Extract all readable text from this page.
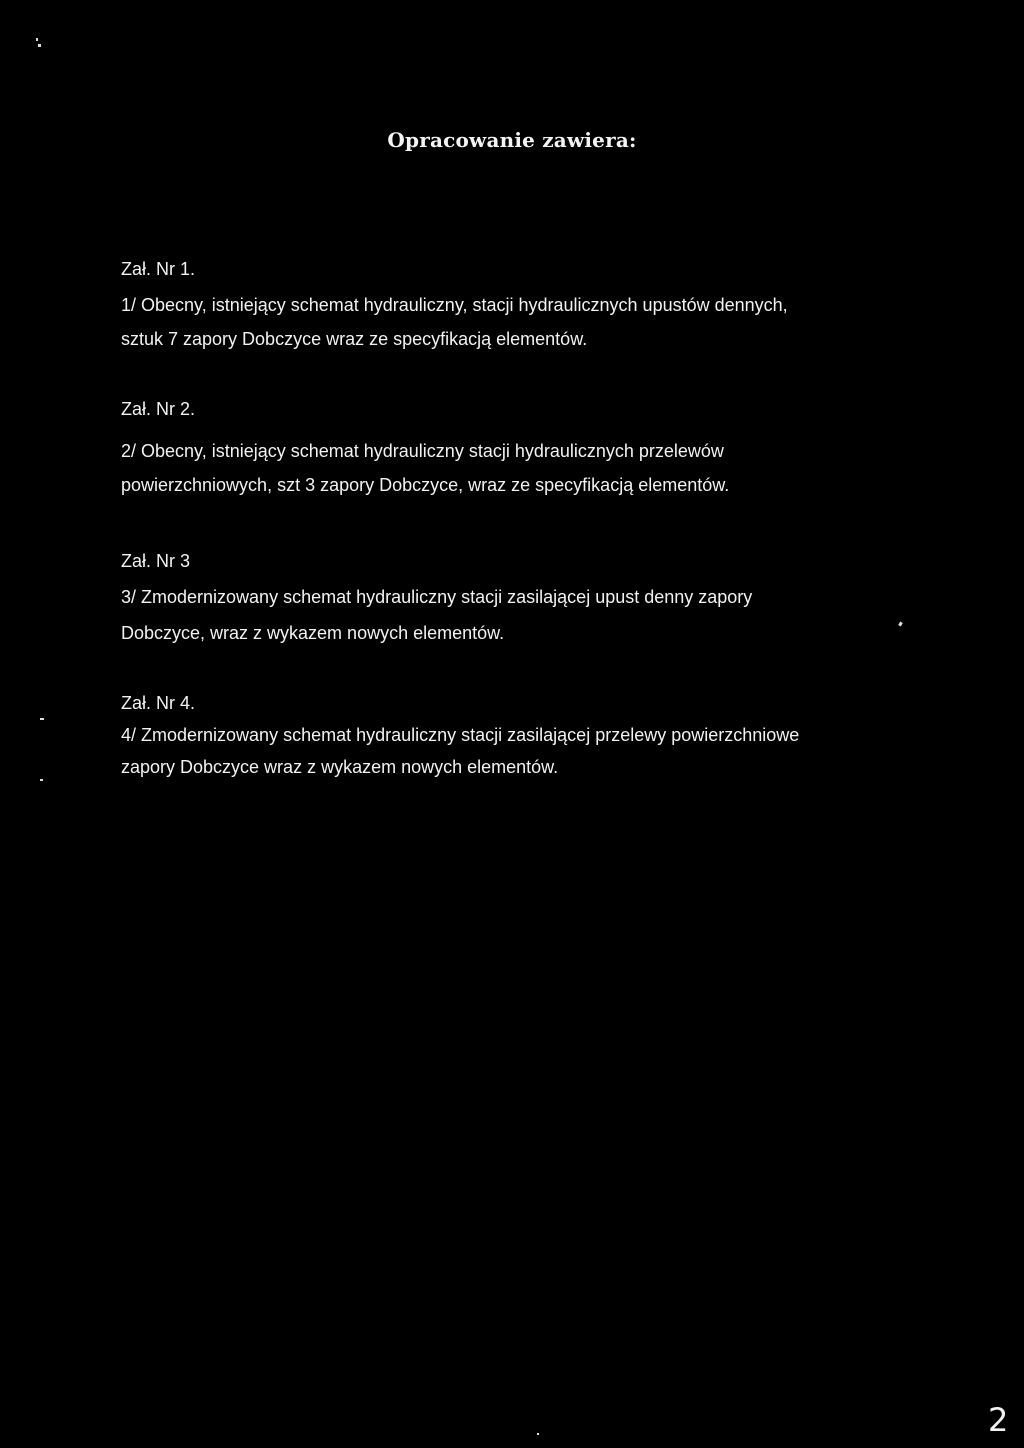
Opracowanie zawiera:
Zał. Nr 1.
1/ Obecny, istniejący schemat hydrauliczny, stacji hydraulicznych upustów dennych,
sztuk 7 zapory Dobczyce wraz ze specyfikacją elementów.
Zał. Nr 2.
2/ Obecny, istniejący schemat hydrauliczny stacji hydraulicznych przelewów
powierzchniowych, szt 3 zapory Dobczyce, wraz ze specyfikacją elementów.
Zał. Nr 3
3/ Zmodernizowany schemat hydrauliczny stacji zasilającej upust denny zapory
Dobczyce, wraz z wykazem nowych elementów.
Zał. Nr 4.
4/ Zmodernizowany schemat hydrauliczny stacji zasilającej przelewy powierzchniowe
zapory Dobczyce wraz z wykazem nowych elementów.
2
